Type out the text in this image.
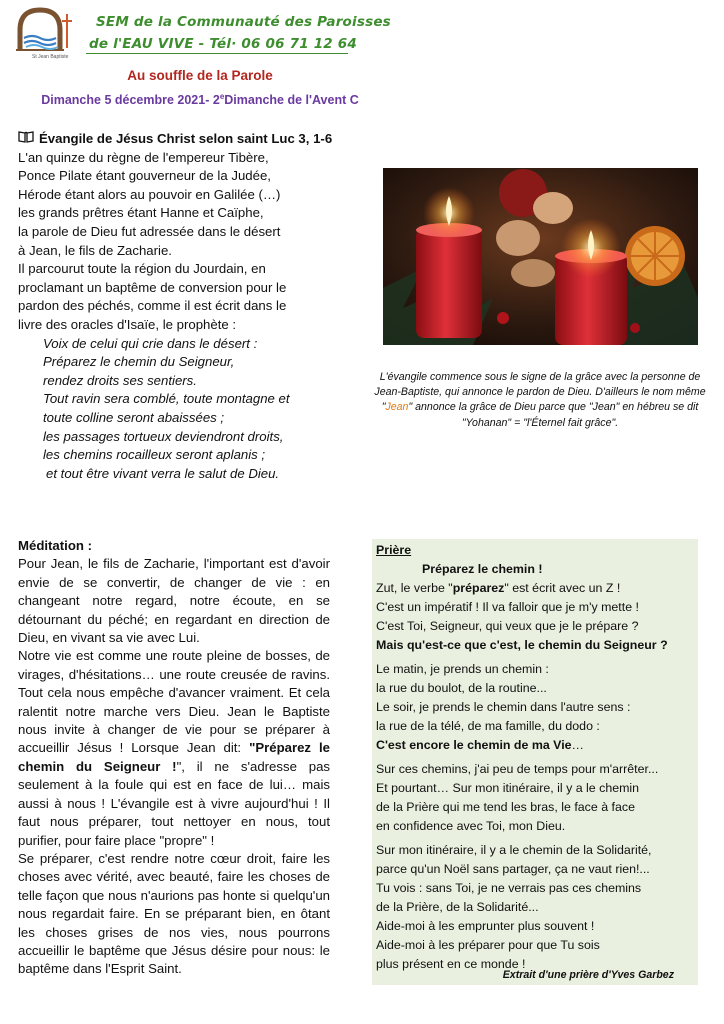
St Jean Baptiste
SEM de la Communauté des Paroisses
de l'EAU VIVE - Tél· 06 06 71 12 64
Au souffle de la Parole
Dimanche 5 décembre 2021- 2eDimanche de l'Avent C
Évangile de Jésus Christ selon saint Luc 3, 1-6
L'an quinze du règne de l'empereur Tibère,
Ponce Pilate étant gouverneur de la Judée,
Hérode étant alors au pouvoir en Galilée (…)
les grands prêtres étant Hanne et Caïphe,
la parole de Dieu fut adressée dans le désert
à Jean, le fils de Zacharie.
Il parcourut toute la région du Jourdain, en
proclamant un baptême de conversion pour le
pardon des péchés, comme il est écrit dans le
livre des oracles d'Isaïe, le prophète :
Voix de celui qui crie dans le désert :
Préparez le chemin du Seigneur,
rendez droits ses sentiers.
Tout ravin sera comblé, toute montagne et
toute colline seront abaissées ;
les passages tortueux deviendront droits,
les chemins rocailleux seront aplanis ;
et tout être vivant verra le salut de Dieu.
L'évangile commence sous le signe de la grâce avec la personne de Jean-Baptiste, qui annonce le pardon de Dieu. D'ailleurs le nom même "Jean" annonce la grâce de Dieu parce que "Jean" en hébreu se dit "Yohanan" = "l'Éternel fait grâce".
Méditation :
Pour Jean, le fils de Zacharie, l'important est d'avoir envie de se convertir, de changer de vie : en changeant notre regard, notre écoute, en se détournant du péché; en regardant en direction de Dieu, en vivant sa vie avec Lui.
Notre vie est comme une route pleine de bosses, de virages, d'hésitations… une route creusée de ravins. Tout cela nous empêche d'avancer vraiment. Et cela ralentit notre marche vers Dieu. Jean le Baptiste nous invite à changer de vie pour se préparer à accueillir Jésus ! Lorsque Jean dit: "Préparez le chemin du Seigneur !", il ne s'adresse pas seulement à la foule qui est en face de lui… mais aussi à nous ! L'évangile est à vivre aujourd'hui ! Il faut nous préparer, tout nettoyer en nous, tout purifier, pour faire place "propre" !
Se préparer, c'est rendre notre cœur droit, faire les choses avec vérité, avec beauté, faire les choses de telle façon que nous n'aurions pas honte si quelqu'un nous regardait faire. En se préparant bien, en ôtant les choses grises de nos vies, nous pourrons accueillir le baptême que Jésus désire pour nous: le baptême dans l'Esprit Saint.
Prière
Préparez le chemin !
Zut, le verbe "préparez" est écrit avec un Z !
C'est un impératif ! Il va falloir que je m'y mette !
C'est Toi, Seigneur, qui veux que je le prépare ?
Mais qu'est-ce que c'est, le chemin du Seigneur ?
Le matin, je prends un chemin :
la rue du boulot, de la routine...
Le soir, je prends le chemin dans l'autre sens :
la rue de la télé, de ma famille, du dodo :
C'est encore le chemin de ma Vie…
Sur ces chemins, j'ai peu de temps pour m'arrêter...
Et pourtant… Sur mon itinéraire, il y a le chemin
de la Prière qui me tend les bras, le face à face
en confidence avec Toi, mon Dieu.
Sur mon itinéraire, il y a le chemin de la Solidarité,
parce qu'un Noël sans partager, ça ne vaut rien!...
Tu vois : sans Toi, je ne verrais pas ces chemins
de la Prière, de la Solidarité...
Aide-moi à les emprunter plus souvent !
Aide-moi à les préparer pour que Tu sois
plus présent en ce monde !
Extrait d'une prière d'Yves Garbez
